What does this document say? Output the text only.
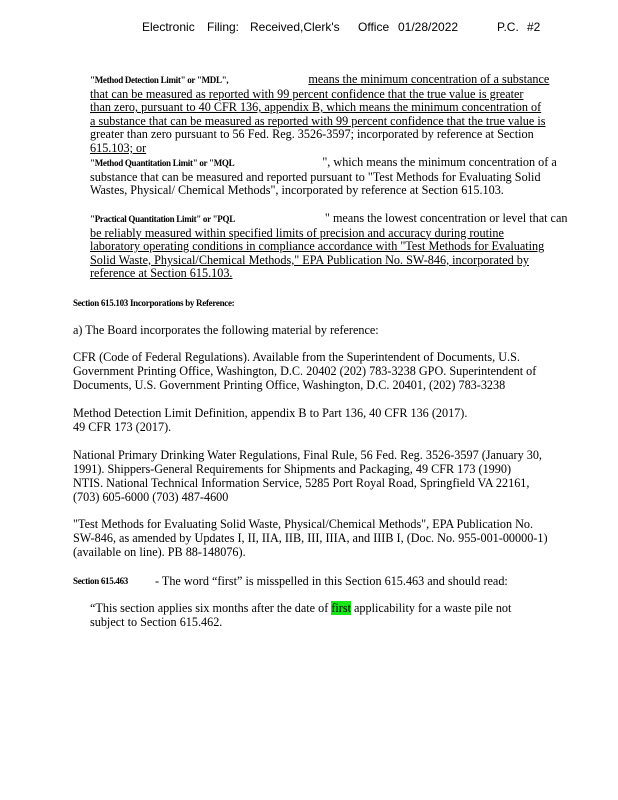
Electronic Filing: Received,Clerk's Office 01/28/2022	P.C. #2

"Method Detection Limit" or "MDL",	means the minimum concentration of a substance

that can be measured as reported with 99 percent confidence that the true value is greater

than zero, pursuant to 40 CFR 136, appendix B, which means the minimum concentration of

a substance that can be measured as reported with 99 percent confidence that the true value is

greater than zero pursuant to 56 Fed. Reg. 3526-3597; incorporated by reference at Section

615.103; or

"Method Quantitation Limit" or "MQL	", which means the minimum concentration of a

substance that can be measured and reported pursuant to "Test Methods for Evaluating Solid

Wastes, Physical/ Chemical Methods", incorporated by reference at Section 615.103.

"Practical Quantitation Limit" or "PQL	" means the lowest concentration or level that can

be reliably measured within specified limits of precision and accuracy during routine

laboratory operating conditions in compliance accordance with "Test Methods for Evaluating

Solid Waste, Physical/Chemical Methods," EPA Publication No. SW-846, incorporated by

reference at Section 615.103.

Section 615.103 Incorporations by Reference:
a) The Board incorporates the following material by reference:

CFR (Code of Federal Regulations). Available from the Superintendent of Documents, U.S.

Government Printing Office, Washington, D.C. 20402 (202) 783-3238 GPO. Superintendent of

Documents, U.S. Government Printing Office, Washington, D.C. 20401, (202) 783-3238

Method Detection Limit Definition, appendix B to Part 136, 40 CFR 136 (2017).

49 CFR 173 (2017).

National Primary Drinking Water Regulations, Final Rule, 56 Fed. Reg. 3526-3597 (January 30,

1991). Shippers-General Requirements for Shipments and Packaging, 49 CFR 173 (1990)

NTIS. National Technical Information Service, 5285 Port Royal Road, Springfield VA 22161,

(703) 605-6000 (703) 487-4600

"Test Methods for Evaluating Solid Waste, Physical/Chemical Methods", EPA Publication No.

SW-846, as amended by Updates I, II, IIA, IIB, III, IIIA, and IIIB I, (Doc. No. 955-001-00000-1)

(available on line). PB 88-148076).

Section 615.463 - The word “first” is misspelled in this Section 615.463 and should read:

“This section applies six months after the date of first applicability for a waste pile not

subject to Section 615.462.
